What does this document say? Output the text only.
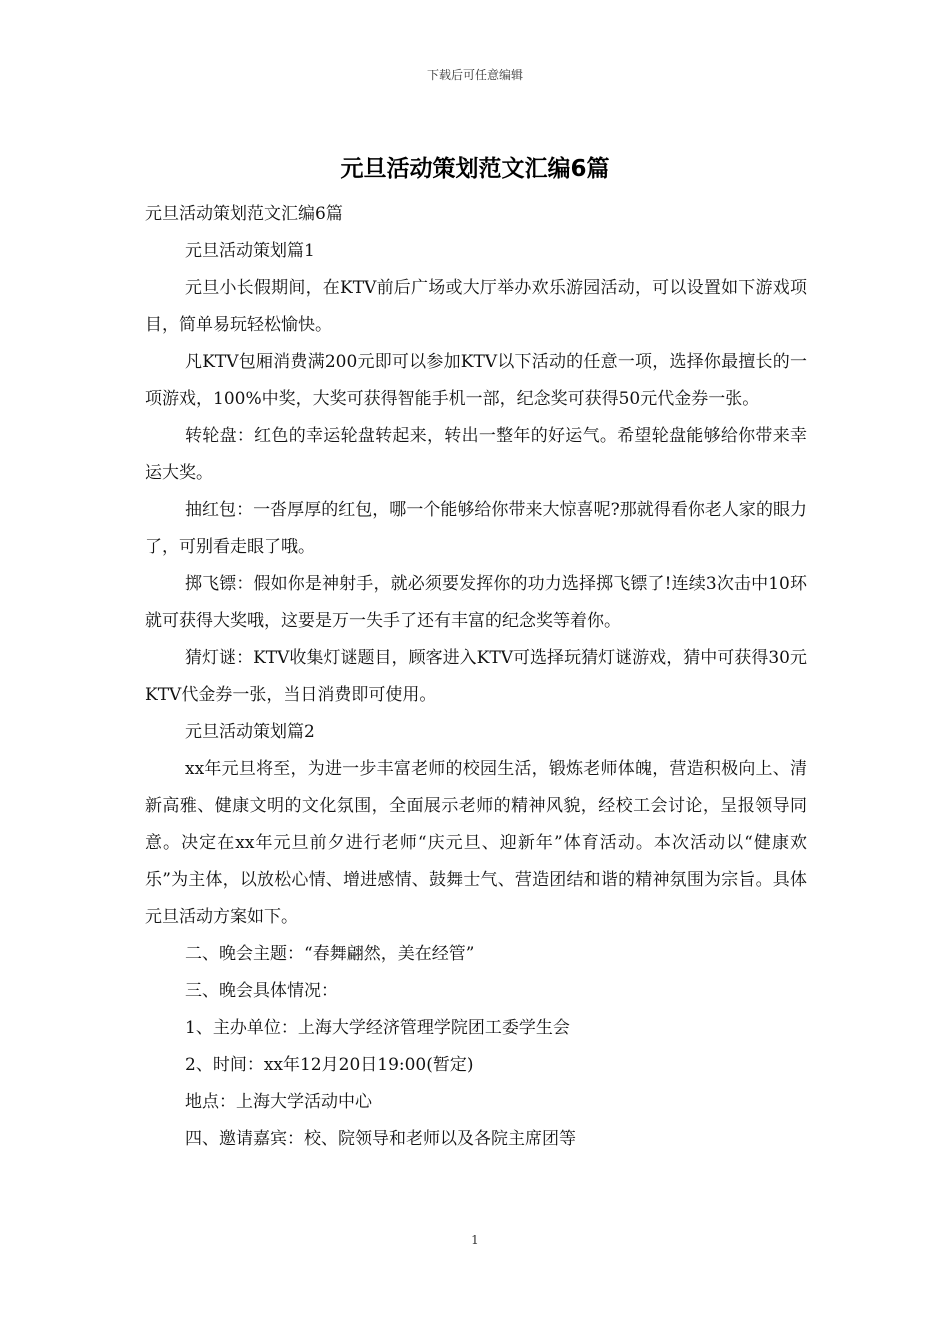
下载后可任意编辑
元旦活动策划范文汇编6篇

元旦活动策划范文汇编6篇

元旦活动策划篇1

元旦小长假期间，在KTV前后广场或大厅举办欢乐游园活动，可以设置如下游戏项目，简单易玩轻松愉快。

凡KTV包厢消费满200元即可以参加KTV以下活动的任意一项，选择你最擅长的一项游戏，100%中奖，大奖可获得智能手机一部，纪念奖可获得50元代金券一张。

转轮盘：红色的幸运轮盘转起来，转出一整年的好运气。希望轮盘能够给你带来幸运大奖。

抽红包：一沓厚厚的红包，哪一个能够给你带来大惊喜呢?那就得看你老人家的眼力了，可别看走眼了哦。

掷飞镖：假如你是神射手，就必须要发挥你的功力选择掷飞镖了!连续3次击中10环就可获得大奖哦，这要是万一失手了还有丰富的纪念奖等着你。

猜灯谜：KTV收集灯谜题目，顾客进入KTV可选择玩猜灯谜游戏，猜中可获得30元KTV代金券一张，当日消费即可使用。

元旦活动策划篇2

xx年元旦将至，为进一步丰富老师的校园生活，锻炼老师体魄，营造积极向上、清新高雅、健康文明的文化氛围，全面展示老师的精神风貌，经校工会讨论，呈报领导同意。决定在xx年元旦前夕进行老师“庆元旦、迎新年”体育活动。本次活动以“健康欢乐”为主体，以放松心情、增进感情、鼓舞士气、营造团结和谐的精神氛围为宗旨。具体元旦活动方案如下。

二、晚会主题：“春舞翩然，美在经管”

三、晚会具体情况：

1、主办单位：上海大学经济管理学院团工委学生会

2、时间：xx年12月20日19:00(暂定)

地点：上海大学活动中心

四、邀请嘉宾：校、院领导和老师以及各院主席团等

1
